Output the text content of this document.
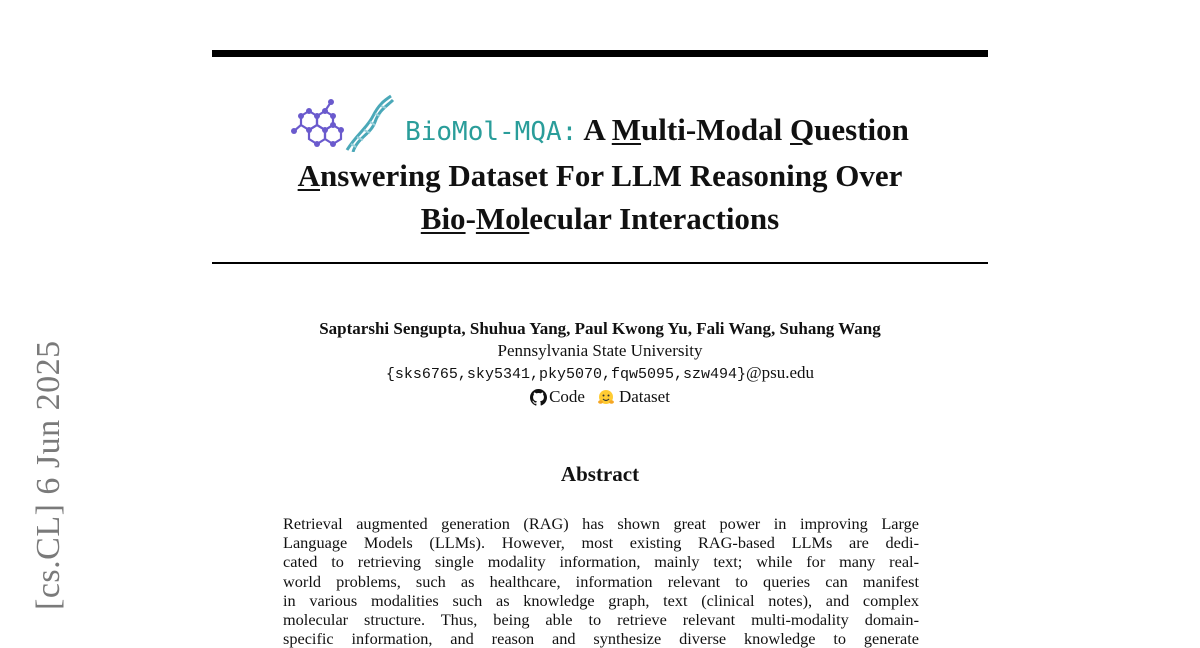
[cs.CL] 6 Jun 2025
BioMol-MQA: A Multi-Modal Question
Answering Dataset For LLM Reasoning Over
Bio-Molecular Interactions
Saptarshi Sengupta, Shuhua Yang, Paul Kwong Yu, Fali Wang, Suhang Wang
Pennsylvania State University
{sks6765,sky5341,pky5070,fqw5095,szw494}@psu.edu
Code Dataset
Abstract
Retrieval augmented generation (RAG) has shown great power in improving Large
Language Models (LLMs). However, most existing RAG-based LLMs are dedi-
cated to retrieving single modality information, mainly text; while for many real-
world problems, such as healthcare, information relevant to queries can manifest
in various modalities such as knowledge graph, text (clinical notes), and complex
molecular structure. Thus, being able to retrieve relevant multi-modality domain-
specific information, and reason and synthesize diverse knowledge to generate
